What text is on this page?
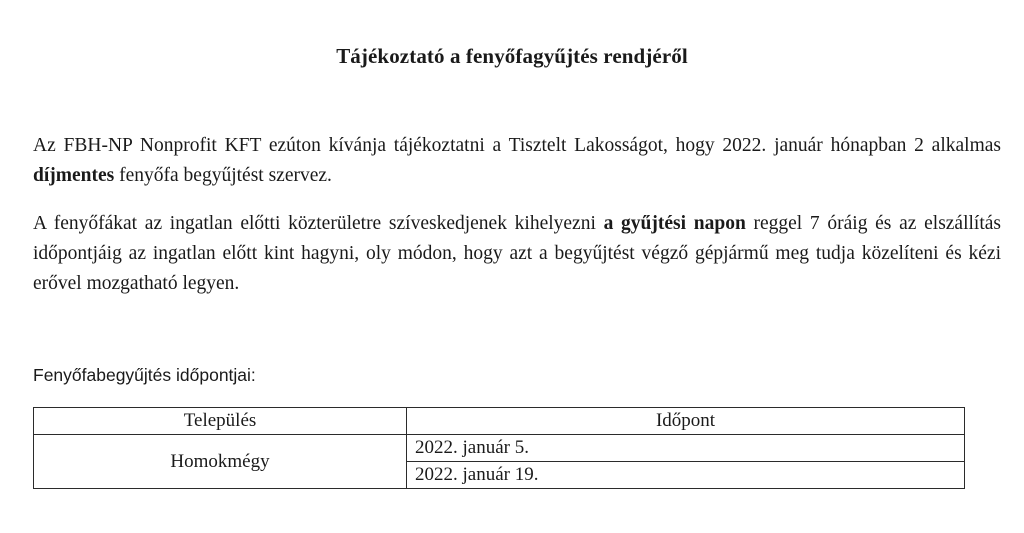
Tájékoztató a fenyőfagyűjtés rendjéről
Az FBH-NP Nonprofit KFT ezúton kívánja tájékoztatni a Tisztelt Lakosságot, hogy 2022. január hónapban 2 alkalmas díjmentes fenyőfa begyűjtést szervez.
A fenyőfákat az ingatlan előtti közterületre szíveskedjenek kihelyezni a gyűjtési napon reggel 7 óráig és az elszállítás időpontjáig az ingatlan előtt kint hagyni, oly módon, hogy azt a begyűjtést végző gépjármű meg tudja közelíteni és kézi erővel mozgatható legyen.
Fenyőfabegyűjtés időpontjai:
Település	Időpont
Homokmégy	2022. január 5.
	2022. január 19.
